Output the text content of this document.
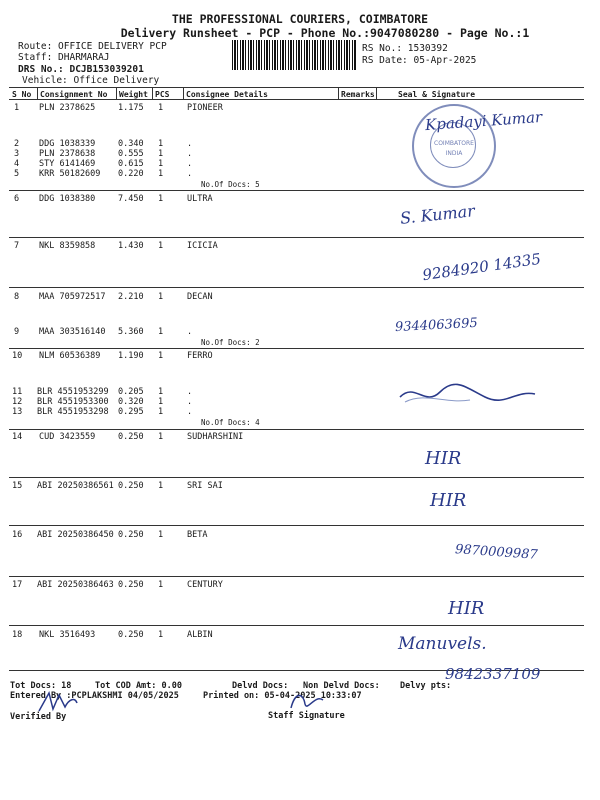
THE PROFESSIONAL COURIERS, COIMBATORE
Delivery Runsheet - PCP - Phone No.:9047080280 - Page No.:1
Route: OFFICE DELIVERY PCP
Staff: DHARMARAJ
DRS No.: DCJB153039201
Vehicle: Office Delivery
RS No.: 1530392
RS Date: 05-Apr-2025
S No Consignment No Weight PCS Consignee Details	Remarks	Seal & Signature
1 PLN 2378625	1.175 1	PIONEER
2 DDG 1038339	0.340 1	.
3 PLN 2378638	0.555 1	.
4 STY 6141469	0.615 1	.
5 KRR 50182609 0.220 1	.
No.Of Docs: 5
6 DDG 1038380	7.450 1	ULTRA
7 NKL 8359858	1.430 1	ICICIA
8 MAA 705972517 2.210 1	DECAN
9 MAA 303516140 5.360 1	.
No.Of Docs: 2
10 NLM 60536389 1.190 1	FERRO
11 BLR 4551953299 0.205 1	.
12 BLR 4551953300 0.320 1	.
13 BLR 4551953298 0.295 1	.
No.Of Docs: 4
14 CUD 3423559	0.250 1	SUDHARSHINI
15 ABI 20250386561 0.250 1	SRI SAI
16 ABI 20250386450 0.250 1	BETA
17 ABI 20250386463 0.250 1	CENTURY
18 NKL 3516493	0.250 1	ALBIN
COIMBATORE
INDIA
Kpadayi Kumar
S. Kumar
9284920 14335
9344063695
HIR
HIR
9870009987
HIR
Manuvels.
9842337109
Tot Docs: 18	Tot COD Amt: 0.00	Delvd Docs: Non Delvd Docs: Delvy pts:
Entered By :PCPLAKSHMI 04/05/2025	Printed on: 05-04-2025 10:33:07
Verified By	Staff Signature
